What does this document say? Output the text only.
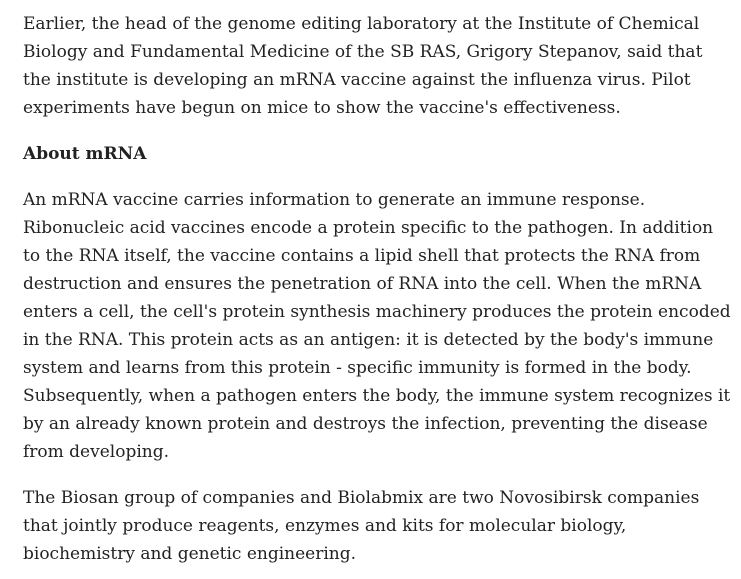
Earlier, the head of the genome editing laboratory at the Institute of Chemical Biology and Fundamental Medicine of the SB RAS, Grigory Stepanov, said that the institute is developing an mRNA vaccine against the influenza virus. Pilot experiments have begun on mice to show the vaccine's effectiveness.

About mRNA

An mRNA vaccine carries information to generate an immune response. Ribonucleic acid vaccines encode a protein specific to the pathogen. In addition to the RNA itself, the vaccine contains a lipid shell that protects the RNA from destruction and ensures the penetration of RNA into the cell. When the mRNA enters a cell, the cell's protein synthesis machinery produces the protein encoded in the RNA. This protein acts as an antigen: it is detected by the body's immune system and learns from this protein - specific immunity is formed in the body. Subsequently, when a pathogen enters the body, the immune system recognizes it by an already known protein and destroys the infection, preventing the disease from developing.

The Biosan group of companies and Biolabmix are two Novosibirsk companies that jointly produce reagents, enzymes and kits for molecular biology, biochemistry and genetic engineering.
